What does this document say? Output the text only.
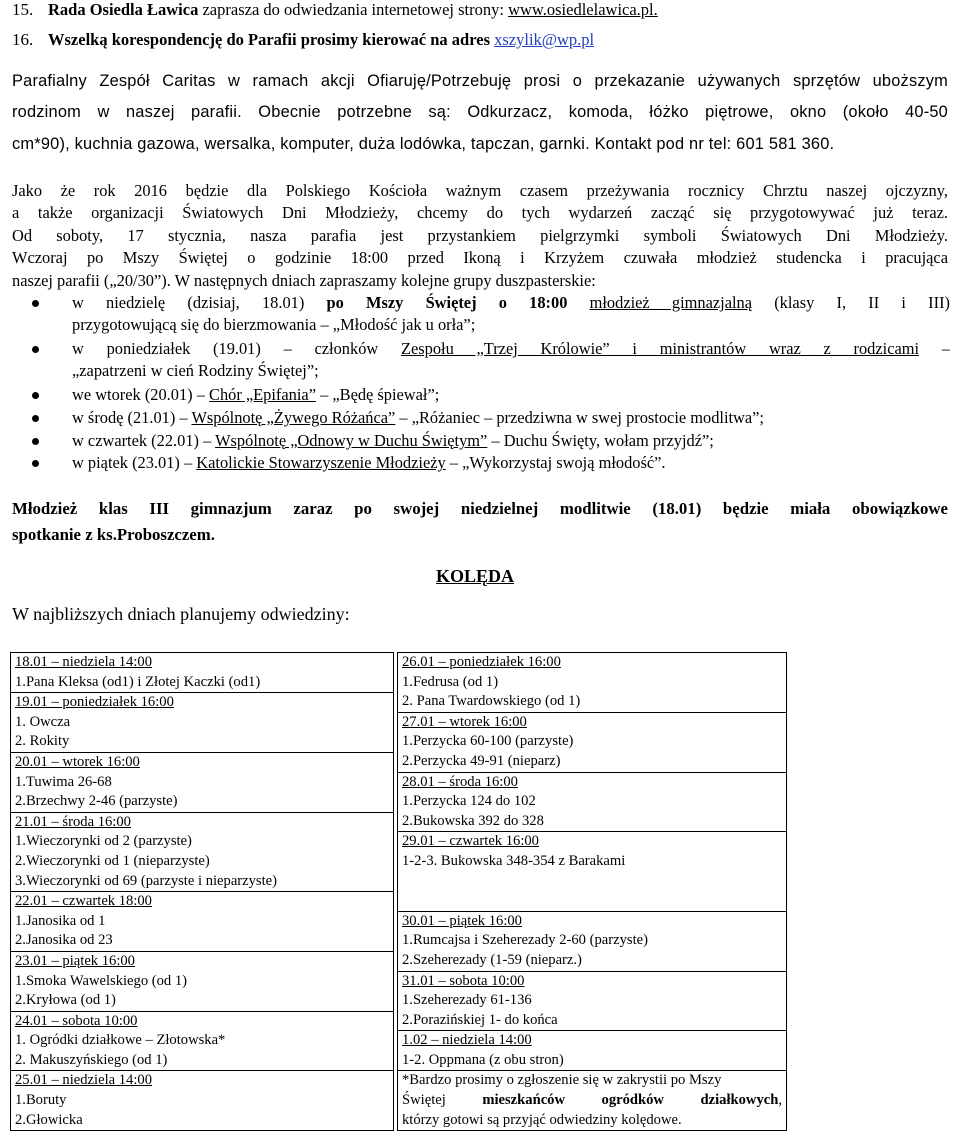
15. Rada Osiedla Ławica zaprasza do odwiedzania internetowej strony: www.osiedlelawica.pl.
16. Wszelką korespondencję do Parafii prosimy kierować na adres xszylik@wp.pl
Parafialny Zespół Caritas w ramach akcji Ofiaruję/Potrzebuję prosi o przekazanie używanych sprzętów uboższym
rodzinom w naszej parafii. Obecnie potrzebne są: Odkurzacz, komoda, łóżko piętrowe, okno (około 40-50
cm*90), kuchnia gazowa, wersalka, komputer, duża lodówka, tapczan, garnki. Kontakt pod nr tel: 601 581 360.
Jako że rok 2016 będzie dla Polskiego Kościoła ważnym czasem przeżywania rocznicy Chrztu naszej ojczyzny,
a także organizacji Światowych Dni Młodzieży, chcemy do tych wydarzeń zacząć się przygotowywać już teraz.
Od soboty, 17 stycznia, nasza parafia jest przystankiem pielgrzymki symboli Światowych Dni Młodzieży.
Wczoraj po Mszy Świętej o godzinie 18:00 przed Ikoną i Krzyżem czuwała młodzież studencka i pracująca
naszej parafii („20/30”). W następnych dniach zapraszamy kolejne grupy duszpasterskie:
w niedzielę (dzisiaj, 18.01) po Mszy Świętej o 18:00 młodzież gimnazjalną (klasy I, II i III)
przygotowującą się do bierzmowania – „Młodość jak u orła”;
w poniedziałek (19.01) – członków Zespołu „Trzej Królowie” i ministrantów wraz z rodzicami –
„zapatrzeni w cień Rodziny Świętej”;
we wtorek (20.01) – Chór „Epifania” – „Będę śpiewał”;
w środę (21.01) – Wspólnotę „Żywego Różańca” – „Różaniec – przedziwna w swej prostocie modlitwa”;
w czwartek (22.01) – Wspólnotę „Odnowy w Duchu Świętym” – Duchu Święty, wołam przyjdź”;
w piątek (23.01) – Katolickie Stowarzyszenie Młodzieży – „Wykorzystaj swoją młodość”.
Młodzież klas III gimnazjum zaraz po swojej niedzielnej modlitwie (18.01) będzie miała obowiązkowe
spotkanie z ks.Proboszczem.
KOLĘDA
W najbliższych dniach planujemy odwiedziny:
18.01 – niedziela 14:00
1.Pana Kleksa (od1) i Złotej Kaczki (od1)

19.01 – poniedziałek 16:00
1. Owcza
2. Rokity

20.01 – wtorek 16:00
1.Tuwima 26-68
2.Brzechwy 2-46 (parzyste)

21.01 – środa 16:00
1.Wieczorynki od 2 (parzyste)
2.Wieczorynki od 1 (nieparzyste)
3.Wieczorynki od 69 (parzyste i nieparzyste)

22.01 – czwartek 18:00
1.Janosika od 1
2.Janosika od 23

23.01 – piątek 16:00
1.Smoka Wawelskiego (od 1)
2.Kryłowa (od 1)

24.01 – sobota 10:00
1. Ogródki działkowe – Złotowska*
2. Makuszyńskiego (od 1)

25.01 – niedziela 14:00
1.Boruty
2.Głowicka
26.01 – poniedziałek 16:00
1.Fedrusa (od 1)
2. Pana Twardowskiego (od 1)

27.01 – wtorek 16:00
1.Perzycka 60-100 (parzyste)
2.Perzycka 49-91 (nieparz)

28.01 – środa 16:00
1.Perzycka 124 do 102
2.Bukowska 392 do 328

29.01 – czwartek 16:00
1-2-3. Bukowska 348-354 z Barakami

30.01 – piątek 16:00
1.Rumcajsa i Szeherezady 2-60 (parzyste)
2.Szeherezady (1-59 (nieparz.)

31.01 – sobota 10:00
1.Szeherezady 61-136
2.Porazińskiej 1- do końca

1.02 – niedziela 14:00
1-2. Oppmana (z obu stron)

*Bardzo prosimy o zgłoszenie się w zakrystii po Mszy
Świętej mieszkańców ogródków działkowych,
którzy gotowi są przyjąć odwiedziny kolędowe.
